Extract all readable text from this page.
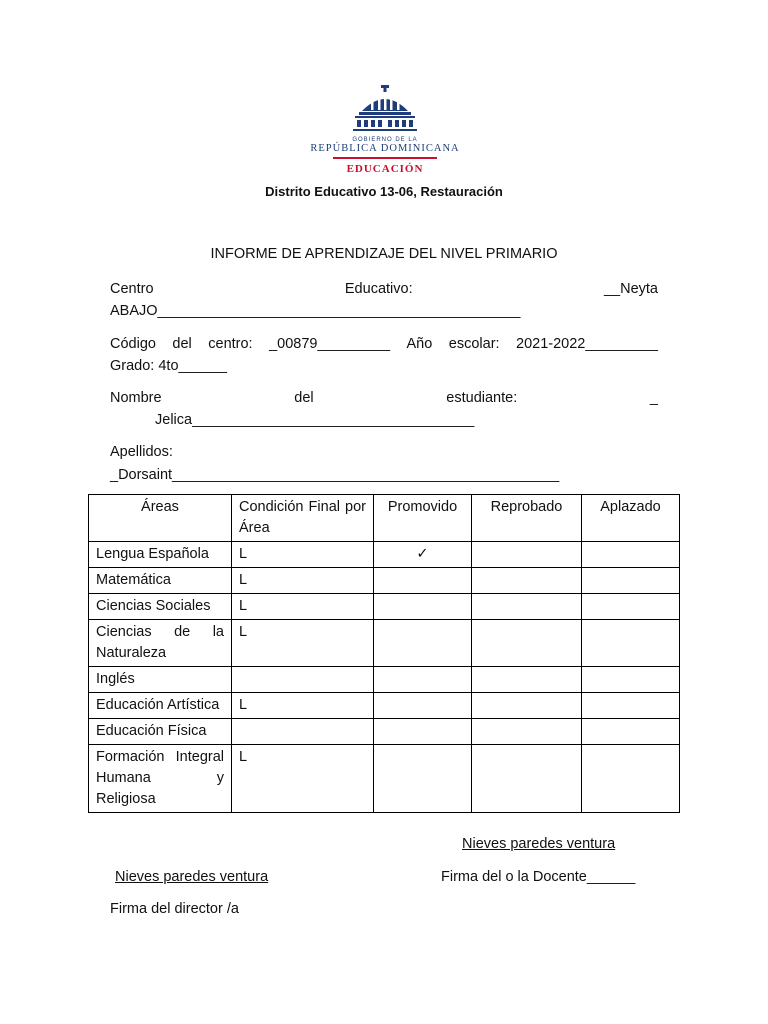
GOBIERNO DE LA
REPÚBLICA DOMINICANA
EDUCACIÓN
Distrito Educativo 13-06, Restauración
INFORME DE APRENDIZAJE DEL NIVEL PRIMARIO
Centro	Educativo:	__Neyta
ABAJO_____________________________________________
Código del centro: _00879_________ Año escolar: 2021-2022_________
Grado: 4to______
Nombre	del	estudiante:	_
Jelica___________________________________
Apellidos:
_Dorsaint________________________________________________
Áreas	Condición Final por Área	Promovido	Reprobado	Aplazado
Lengua Española	L	✓		
Matemática	L			
Ciencias Sociales	L			
Ciencias de la Naturaleza	L			
Inglés				
Educación Artística	L			
Educación Física				
Formación Integral Humana y Religiosa	L			
Nieves paredes ventura
Nieves paredes ventura	Firma del o la Docente______
Firma del director /a
